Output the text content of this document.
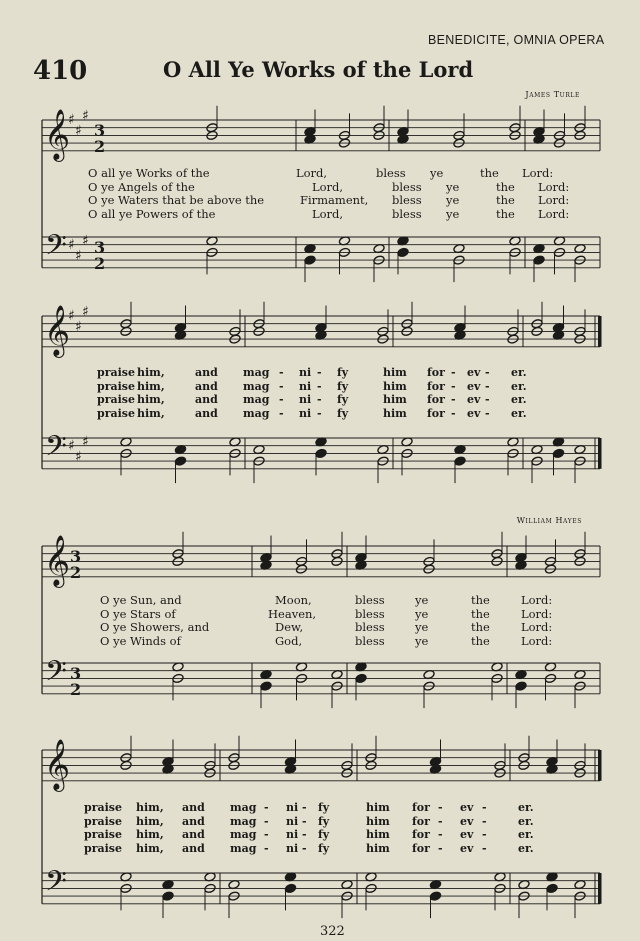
BENEDICITE, OMNIA OPERA
410	O All Ye Works of the Lord
James Turle
William Hayes
322
𝄞
𝄢
♯
♯
♯
♯
♯
♯
3
2
3
2
𝄞
𝄢
♯
♯
♯
♯
♯
♯
𝄞
𝄢
3
2
3
2
𝄞
𝄢
O all ye Works of the	Lord,	bless ye	the Lord:
O ye Angels of the	Lord,	bless ye	the Lord:
O ye Waters that be above the	Firmament, bless ye	the Lord:
O all ye Powers of the	Lord,	bless ye	the Lord:
praise him,	and mag - ni - fy	him for - ev - er.
praise him,	and mag - ni - fy	him for - ev - er.
praise him,	and mag - ni - fy	him for - ev - er.
praise him,	and mag - ni - fy	him for - ev - er.
O ye Sun, and	Moon,	bless	ye	the	Lord:
O ye Stars of	Heaven,	bless	ye	the	Lord:
O ye Showers, and	Dew,	bless	ye	the	Lord:
O ye Winds of	God,	bless	ye	the	Lord:
praise him, and mag - ni - fy	him for - ev -	er.
praise him, and mag - ni - fy	him for - ev -	er.
praise him, and mag - ni - fy	him for - ev -	er.
praise him, and mag - ni - fy	him for - ev -	er.
